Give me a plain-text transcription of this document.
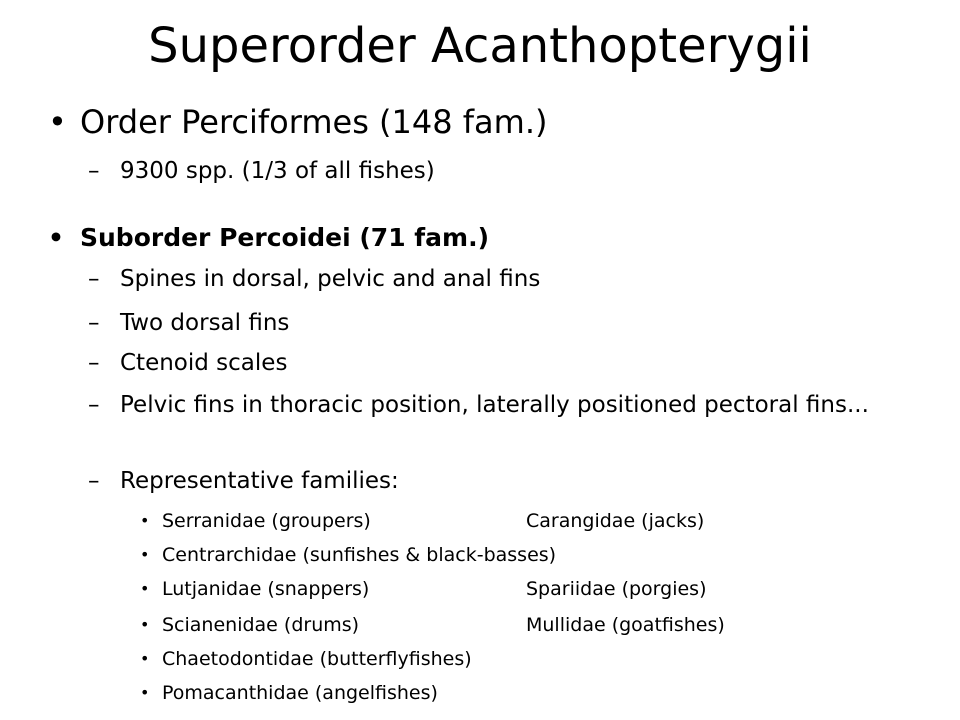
Superorder Acanthopterygii
• Order Perciformes (148 fam.)
– 9300 spp. (1/3 of all fishes)
• Suborder Percoidei (71 fam.)
– Spines in dorsal, pelvic and anal fins
– Two dorsal fins
– Ctenoid scales
– Pelvic fins in thoracic position, laterally positioned pectoral fins...
– Representative families:
• Serranidae (groupers)	Carangidae (jacks)
• Centrarchidae (sunfishes & black-basses)
• Lutjanidae (snappers)	Spariidae (porgies)
• Scianenidae (drums)	Mullidae (goatfishes)
• Chaetodontidae (butterflyfishes)
• Pomacanthidae (angelfishes)
